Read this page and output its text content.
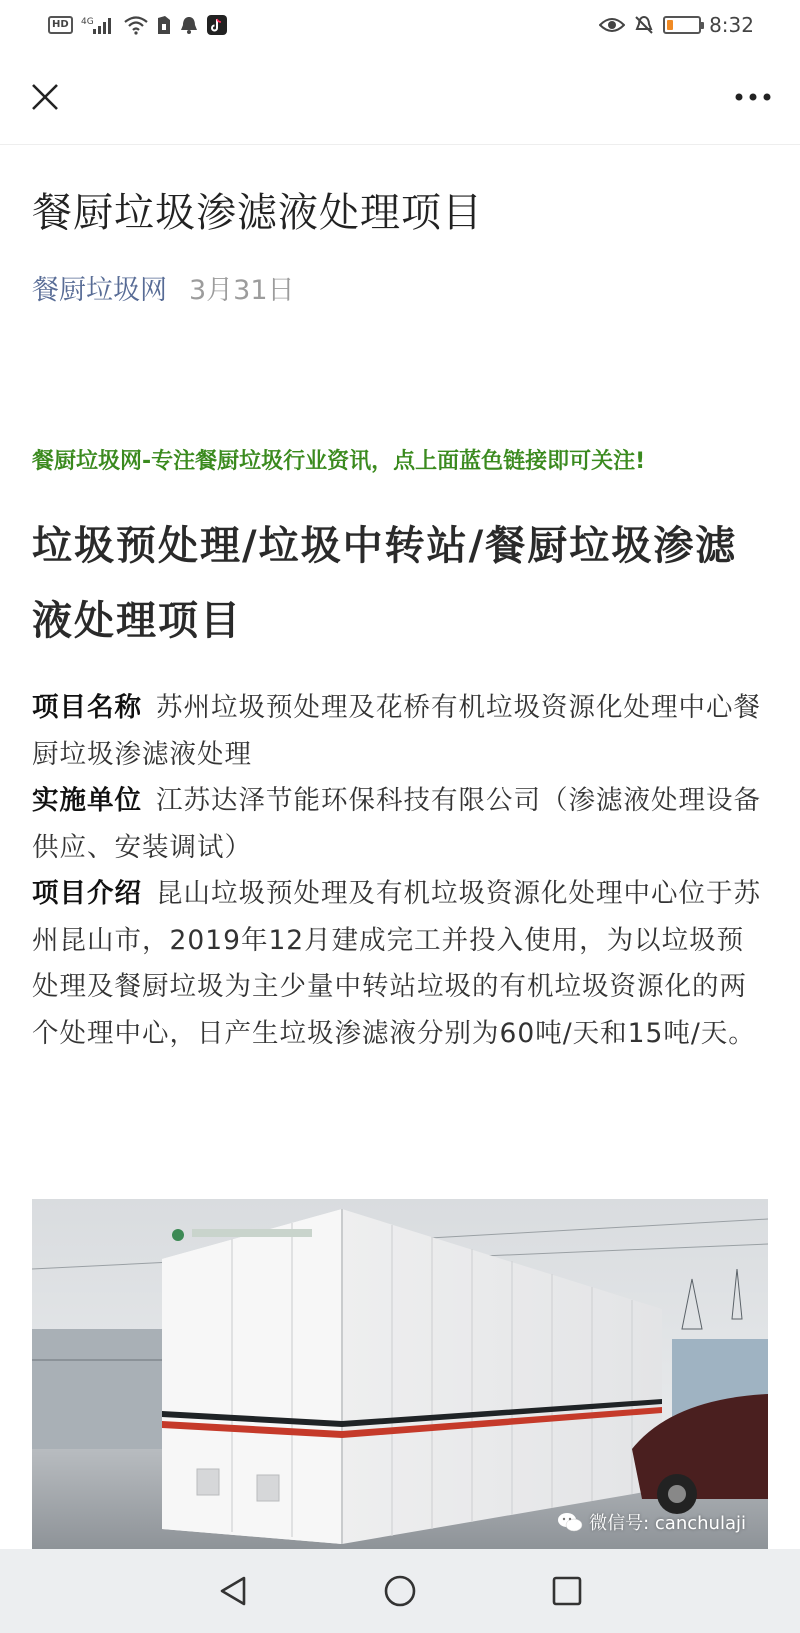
HD	4G	8:32
餐厨垃圾渗滤液处理项目
餐厨垃圾网 3月31日

餐厨垃圾网-专注餐厨垃圾行业资讯，点上面蓝色链接即可关注!

垃圾预处理/垃圾中转站/餐厨垃圾渗滤液处理项目

项目名称 苏州垃圾预处理及花桥有机垃圾资源化处理中心餐厨垃圾渗滤液处理

实施单位 江苏达泽节能环保科技有限公司（渗滤液处理设备供应、安装调试）

项目介绍 昆山垃圾预处理及有机垃圾资源化处理中心位于苏州昆山市，2019年12月建成完工并投入使用，为以垃圾预处理及餐厨垃圾为主少量中转站垃圾的有机垃圾资源化的两个处理中心，日产生垃圾渗滤液分别为60吨/天和15吨/天。

微信号: canchulaji
